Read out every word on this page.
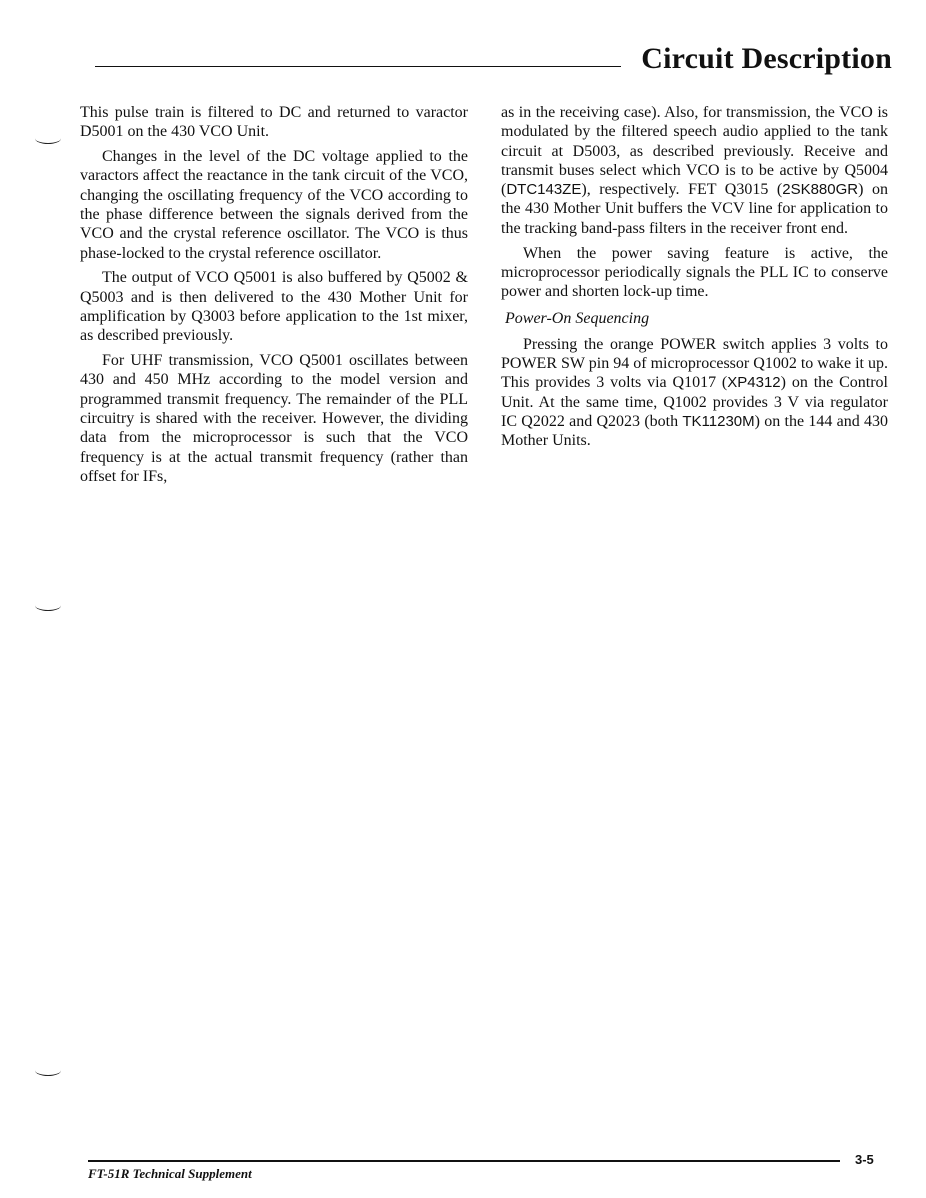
Circuit Description

This pulse train is filtered to DC and returned to varactor D5001 on the 430 VCO Unit.

Changes in the level of the DC voltage applied to the varactors affect the reactance in the tank circuit of the VCO, changing the oscillating frequency of the VCO according to the phase difference between the signals derived from the VCO and the crystal reference oscillator. The VCO is thus phase-locked to the crystal reference oscillator.

The output of VCO Q5001 is also buffered by Q5002 & Q5003 and is then delivered to the 430 Mother Unit for amplification by Q3003 before application to the 1st mixer, as described previously.

For UHF transmission, VCO Q5001 oscillates between 430 and 450 MHz according to the model version and programmed transmit frequency. The remainder of the PLL circuitry is shared with the receiver. However, the dividing data from the microprocessor is such that the VCO frequency is at the actual transmit frequency (rather than offset for IFs,

as in the receiving case). Also, for transmission, the VCO is modulated by the filtered speech audio applied to the tank circuit at D5003, as described previously. Receive and transmit buses select which VCO is to be active by Q5004 (DTC143ZE), respectively. FET Q3015 (2SK880GR) on the 430 Mother Unit buffers the VCV line for application to the tracking band-pass filters in the receiver front end.

When the power saving feature is active, the microprocessor periodically signals the PLL IC to conserve power and shorten lock-up time.

Power-On Sequencing

Pressing the orange POWER switch applies 3 volts to POWER SW pin 94 of microprocessor Q1002 to wake it up. This provides 3 volts via Q1017 (XP4312) on the Control Unit. At the same time, Q1002 provides 3 V via regulator IC Q2022 and Q2023 (both TK11230M) on the 144 and 430 Mother Units.

FT-51R Technical Supplement
3-5
